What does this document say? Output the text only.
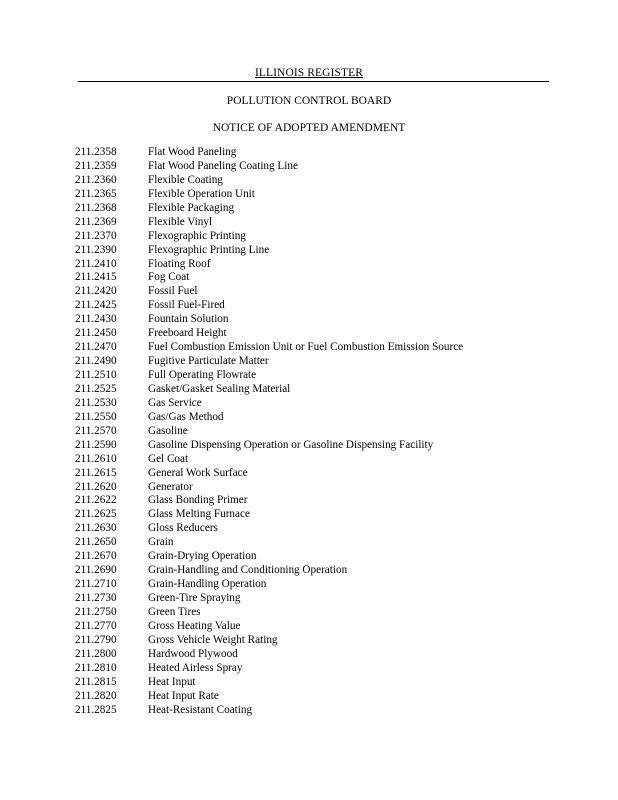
ILLINOIS REGISTER
POLLUTION CONTROL BOARD
NOTICE OF ADOPTED AMENDMENT
211.2358	Flat Wood Paneling
211.2359	Flat Wood Paneling Coating Line
211.2360	Flexible Coating
211.2365	Flexible Operation Unit
211.2368	Flexible Packaging
211.2369	Flexible Vinyl
211.2370	Flexographic Printing
211.2390	Flexographic Printing Line
211.2410	Floating Roof
211.2415	Fog Coat
211.2420	Fossil Fuel
211.2425	Fossil Fuel-Fired
211.2430	Fountain Solution
211.2450	Freeboard Height
211.2470	Fuel Combustion Emission Unit or Fuel Combustion Emission Source
211.2490	Fugitive Particulate Matter
211.2510	Full Operating Flowrate
211.2525	Gasket/Gasket Sealing Material
211.2530	Gas Service
211.2550	Gas/Gas Method
211.2570	Gasoline
211.2590	Gasoline Dispensing Operation or Gasoline Dispensing Facility
211.2610	Gel Coat
211.2615	General Work Surface
211.2620	Generator
211.2622	Glass Bonding Primer
211.2625	Glass Melting Furnace
211.2630	Gloss Reducers
211.2650	Grain
211.2670	Grain-Drying Operation
211.2690	Grain-Handling and Conditioning Operation
211.2710	Grain-Handling Operation
211.2730	Green-Tire Spraying
211.2750	Green Tires
211.2770	Gross Heating Value
211.2790	Gross Vehicle Weight Rating
211.2800	Hardwood Plywood
211.2810	Heated Airless Spray
211.2815	Heat Input
211.2820	Heat Input Rate
211.2825	Heat-Resistant Coating
